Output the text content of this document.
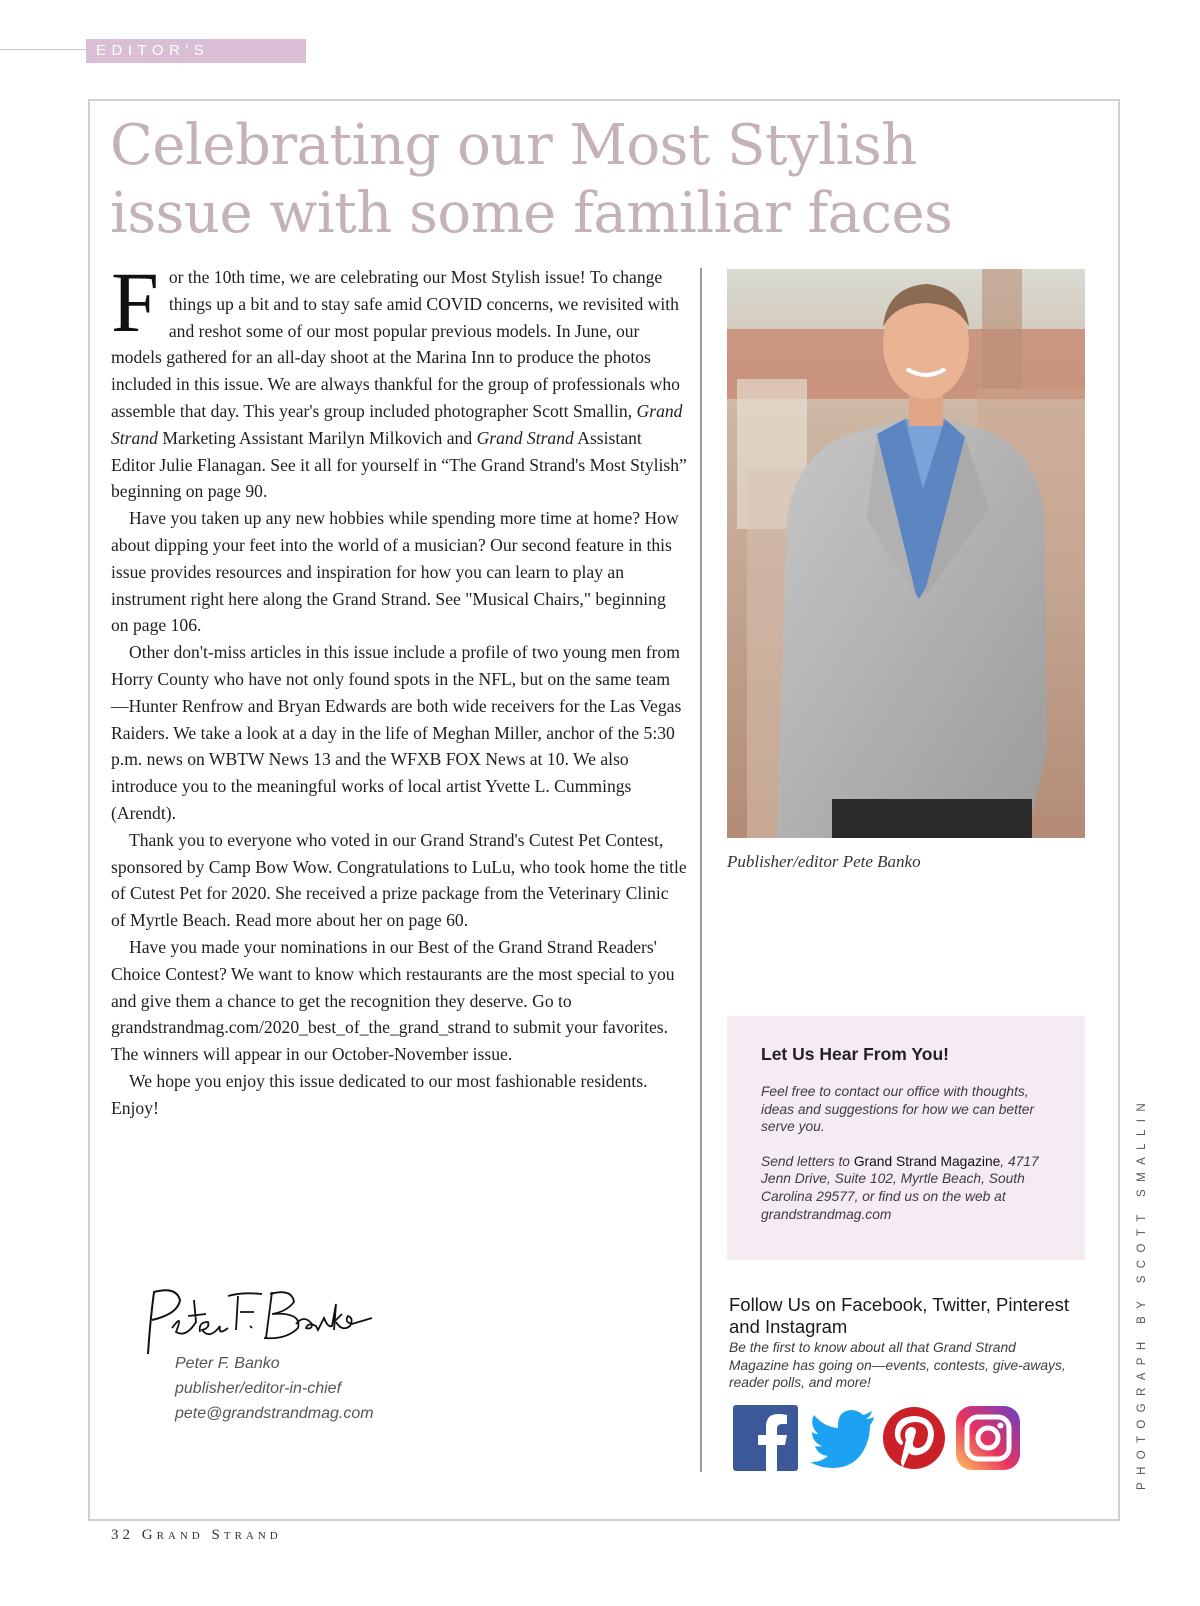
EDITOR'S LETTER
Celebrating our Most Stylish issue with some familiar faces

For the 10th time, we are celebrating our Most Stylish issue! To change things up a bit and to stay safe amid COVID concerns, we revisited with and reshot some of our most popular previous models. In June, our models gathered for an all-day shoot at the Marina Inn to produce the photos included in this issue. We are always thankful for the group of professionals who assemble that day. This year's group included photographer Scott Smallin, Grand Strand Marketing Assistant Marilyn Milkovich and Grand Strand Assistant Editor Julie Flanagan. See it all for yourself in “The Grand Strand's Most Stylish” beginning on page 90.

Have you taken up any new hobbies while spending more time at home? How about dipping your feet into the world of a musician? Our second feature in this issue provides resources and inspiration for how you can learn to play an instrument right here along the Grand Strand. See "Musical Chairs," beginning on page 106.

Other don't-miss articles in this issue include a profile of two young men from Horry County who have not only found spots in the NFL, but on the same team—Hunter Renfrow and Bryan Edwards are both wide receivers for the Las Vegas Raiders. We take a look at a day in the life of Meghan Miller, anchor of the 5:30 p.m. news on WBTW News 13 and the WFXB FOX News at 10. We also introduce you to the meaningful works of local artist Yvette L. Cummings (Arendt).

Thank you to everyone who voted in our Grand Strand's Cutest Pet Contest, sponsored by Camp Bow Wow. Congratulations to LuLu, who took home the title of Cutest Pet for 2020. She received a prize package from the Veterinary Clinic of Myrtle Beach. Read more about her on page 60.

Have you made your nominations in our Best of the Grand Strand Readers' Choice Contest? We want to know which restaurants are the most special to you and give them a chance to get the recognition they deserve. Go to grandstrandmag.com/2020_best_of_the_grand_strand to submit your favorites. The winners will appear in our October-November issue.

We hope you enjoy this issue dedicated to our most fashionable residents. Enjoy!

Publisher/editor Pete Banko
Let Us Hear From You!

Feel free to contact our office with thoughts, ideas and suggestions for how we can better serve you.

Send letters to Grand Strand Magazine, 4717 Jenn Drive, Suite 102, Myrtle Beach, South Carolina 29577, or find us on the web at grandstrandmag.com

Follow Us on Facebook, Twitter, Pinterest and Instagram
Be the first to know about all that Grand Strand Magazine has going on—events, contests, give-aways, reader polls, and more!
Peter F. Banko
publisher/editor-in-chief
pete@grandstrandmag.com	PHOTOGRAPH BY SCOTT SMALLIN
32 Grand Strand
